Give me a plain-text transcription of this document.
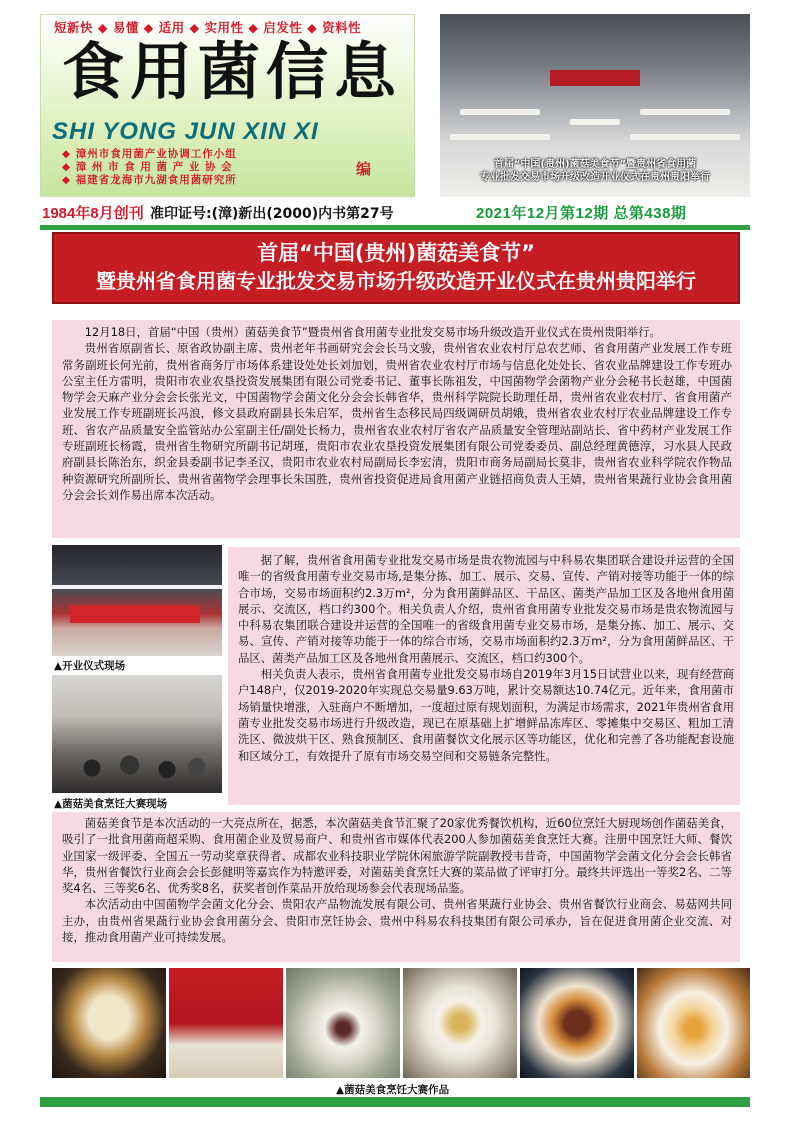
短新快 ◆ 易懂 ◆ 适用 ◆ 实用性 ◆ 启发性 ◆ 资料性
食用菌信息
SHI YONG JUN XIN XI
◆ 漳州市食用菌产业协调工作小组
◆ 漳 州 市 食 用 菌 产 业 协 会
◆ 福建省龙海市九湖食用菌研究所
编	首届“中国(贵州)菌菇美食节”暨贵州省食用菌
专业批发交易市场升级改造开业仪式在贵州贵阳举行
1984年8月创刊 准印证号:(漳)新出(2000)内书第27号	2021年12月第12期 总第438期
首届“中国(贵州)菌菇美食节”
暨贵州省食用菌专业批发交易市场升级改造开业仪式在贵州贵阳举行

12月18日，首届“中国（贵州）菌菇美食节”暨贵州省食用菌专业批发交易市场升级改造开业仪式在贵州贵阳举行。

贵州省原副省长、原省政协副主席、贵州老年书画研究会会长马文骏，贵州省农业农村厅总农艺师、省食用菌产业发展工作专班常务副班长何光前，贵州省商务厅市场体系建设处处长刘加划，贵州省农业农村厅市场与信息化处处长、省农业品牌建设工作专班办公室主任方雷明，贵阳市农业农垦投资发展集团有限公司党委书记、董事长陈祖发，中国菌物学会菌物产业分会秘书长赵雄，中国菌物学会天麻产业分会会长张光文，中国菌物学会菌文化分会会长韩省华，贵州科学院院长助理任昂，贵州省农业农村厅、省食用菌产业发展工作专班副班长冯浪，修文县政府副县长朱启军，贵州省生态移民局四级调研员胡娥，贵州省农业农村厅农业品牌建设工作专班、省农产品质量安全监管站办公室副主任/副处长杨力，贵州省农业农村厅省农产品质量安全管理站副站长、省中药材产业发展工作专班副班长杨霞，贵州省生物研究所副书记胡瑾，贵阳市农业农垦投资发展集团有限公司党委委员、副总经理黄德淳，习水县人民政府副县长陈治东，织金县委副书记李圣汉，贵阳市农业农村局副局长李宏清，贵阳市商务局副局长莫非，贵州省农业科学院农作物品种资源研究所副所长、贵州省菌物学会理事长朱国胜，贵州省投资促进局食用菌产业链招商负责人王婧，贵州省果蔬行业协会食用菌分会会长刘作易出席本次活动。

▲开业仪式现场
▲菌菇美食烹饪大赛现场

据了解，贵州省食用菌专业批发交易市场是贵农物流园与中科易农集团联合建设并运营的全国唯一的省级食用菌专业交易市场,是集分拣、加工、展示、交易、宣传、产销对接等功能于一体的综合市场，交易市场面积约2.3万m²，分为食用菌鲜品区、干品区、菌类产品加工区及各地州食用菌展示、交流区，档口约300个。相关负责人介绍，贵州省食用菌专业批发交易市场是贵农物流园与中科易农集团联合建设并运营的全国唯一的省级食用菌专业交易市场，是集分拣、加工、展示、交易、宣传、产销对接等功能于一体的综合市场，交易市场面积约2.3万m²，分为食用菌鲜品区、干品区、菌类产品加工区及各地州食用菌展示、交流区，档口约300个。

相关负责人表示，贵州省食用菌专业批发交易市场自2019年3月15日试营业以来，现有经营商户148户，仅2019-2020年实现总交易量9.63万吨，累计交易额达10.74亿元。近年来，食用菌市场销量快增涨，入驻商户不断增加，一度超过原有规划面积，为满足市场需求，2021年贵州省食用菌专业批发交易市场进行升级改造，现已在原基础上扩增鲜品冻库区、零摊集中交易区、粗加工清洗区、微波烘干区、熟食预制区、食用菌餐饮文化展示区等功能区，优化和完善了各功能配套设施和区域分工，有效提升了原有市场交易空间和交易链条完整性。

菌菇美食节是本次活动的一大亮点所在，据悉，本次菌菇美食节汇聚了20家优秀餐饮机构，近60位烹饪大厨现场创作菌菇美食，吸引了一批食用菌商超采购、食用菌企业及贸易商户、和贵州省市媒体代表200人参加菌菇美食烹饪大赛。注册中国烹饪大师、餐饮业国家一级评委、全国五一劳动奖章获得者、成都农业科技职业学院休闲旅游学院副教授韦昔奇，中国菌物学会菌文化分会会长韩省华，贵州省餐饮行业商会会长彭健明等嘉宾作为特邀评委，对菌菇美食烹饪大赛的菜品做了评审打分。最终共评选出一等奖2名、二等奖4名、三等奖6名、优秀奖8名，获奖者创作菜品开放给现场参会代表现场品鉴。

本次活动由中国菌物学会菌文化分会、贵阳农产品物流发展有限公司、贵州省果蔬行业协会、贵州省餐饮行业商会、易菇网共同主办，由贵州省果蔬行业协会食用菌分会、贵阳市烹饪协会、贵州中科易农科技集团有限公司承办，旨在促进食用菌企业交流、对接，推动食用菌产业可持续发展。

▲菌菇美食烹饪大赛作品
